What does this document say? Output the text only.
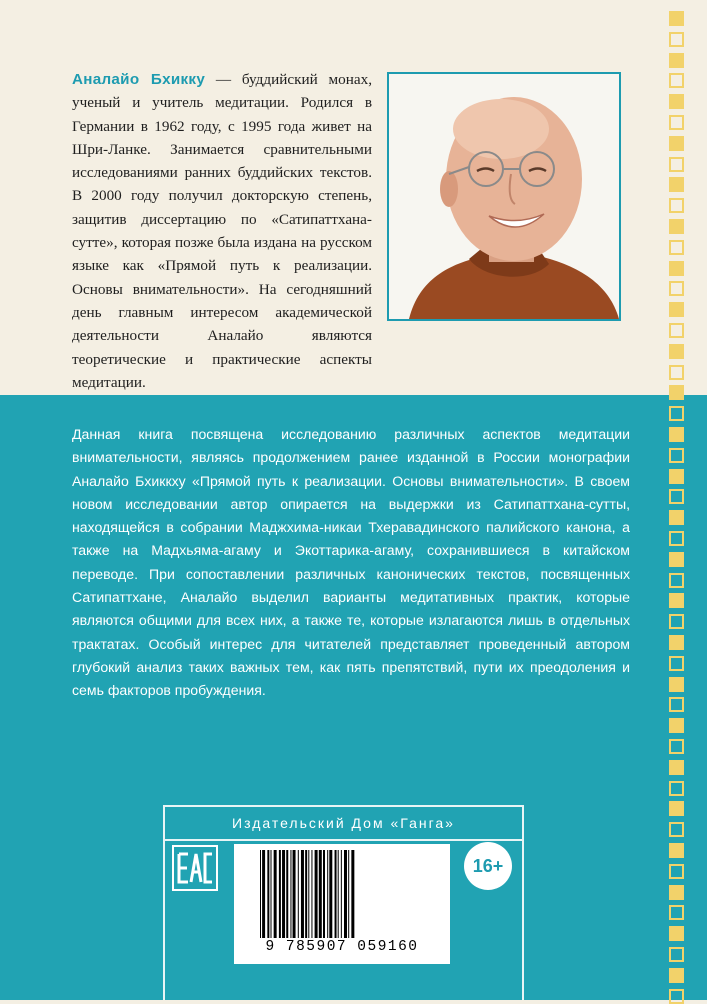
Аналайо Бхикку — буддийский монах, ученый и учитель медитации. Родился в Германии в 1962 году, с 1995 года живет на Шри-Ланке. Занимается сравнительными исследованиями ранних буддийских текстов. В 2000 году получил докторскую степень, защитив диссертацию по «Сатипаттхана-сутте», которая позже была издана на русском языке как «Прямой путь к реализации. Основы внимательности». На сегодняшний день главным интересом академической деятельности Аналайо являются теоретические и практические аспекты медитации.
Данная книга посвящена исследованию различных аспектов медитации внимательности, являясь продолжением ранее изданной в России монографии Аналайо Бхиккху «Прямой путь к реализации. Основы внимательности». В своем новом исследовании автор опирается на выдержки из Сатипаттхана-сутты, находящейся в собрании Маджхима-никаи Тхеравадинского палийского канона, а также на Мадхьяма-агаму и Экоттарика-агаму, сохранившиеся в китайском переводе. При сопоставлении различных канонических текстов, посвященных Сатипаттхане, Аналайо выделил варианты медитативных практик, которые являются общими для всех них, а также те, которые излагаются лишь в отдельных трактатах. Особый интерес для читателей представляет проведенный автором глубокий анализ таких важных тем, как пять препятствий, пути их преодоления и семь факторов пробуждения.
Издательский Дом «Ганга»
9 785907 059160
16+
